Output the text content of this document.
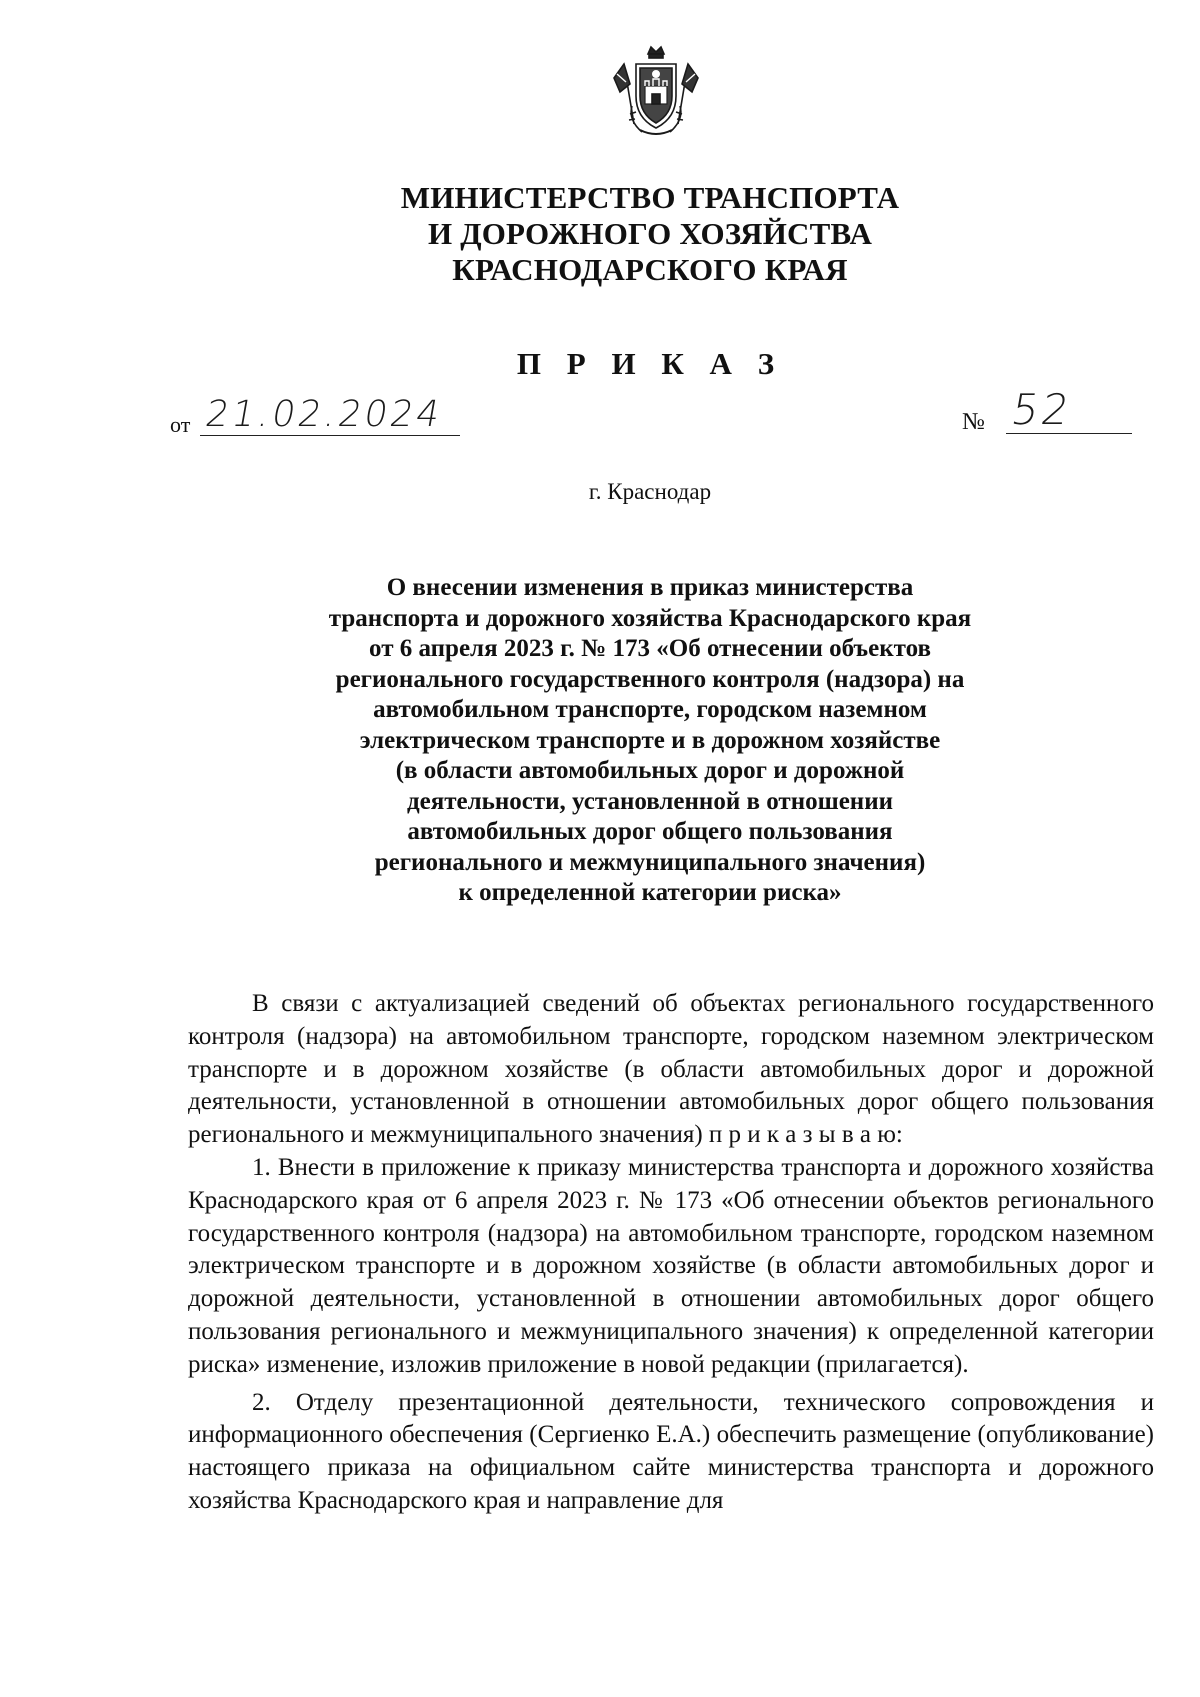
МИНИСТЕРСТВО ТРАНСПОРТА
И ДОРОЖНОГО ХОЗЯЙСТВА
КРАСНОДАРСКОГО КРАЯ
П Р И К А З
от 21.02.2024	№ 52
г. Краснодар
О внесении изменения в приказ министерства
транспорта и дорожного хозяйства Краснодарского края
от 6 апреля 2023 г. № 173 «Об отнесении объектов
регионального государственного контроля (надзора) на
автомобильном транспорте, городском наземном
электрическом транспорте и в дорожном хозяйстве
(в области автомобильных дорог и дорожной
деятельности, установленной в отношении
автомобильных дорог общего пользования
регионального и межмуниципального значения)
к определенной категории риска»

В связи с актуализацией сведений об объектах регионального государственного контроля (надзора) на автомобильном транспорте, городском наземном электрическом транспорте и в дорожном хозяйстве (в области автомобильных дорог и дорожной деятельности, установленной в отношении автомобильных дорог общего пользования регионального и межмуниципального значения) п р и к а з ы в а ю:

1. Внести в приложение к приказу министерства транспорта и дорожного хозяйства Краснодарского края от 6 апреля 2023 г. № 173 «Об отнесении объектов регионального государственного контроля (надзора) на автомобильном транспорте, городском наземном электрическом транспорте и в дорожном хозяйстве (в области автомобильных дорог и дорожной деятельности, установленной в отношении автомобильных дорог общего пользования регионального и межмуниципального значения) к определенной категории риска» изменение, изложив приложение в новой редакции (прилагается).

2. Отделу презентационной деятельности, технического сопровождения и информационного обеспечения (Сергиенко Е.А.) обеспечить размещение (опубликование) настоящего приказа на официальном сайте министерства транспорта и дорожного хозяйства Краснодарского края и направление для
